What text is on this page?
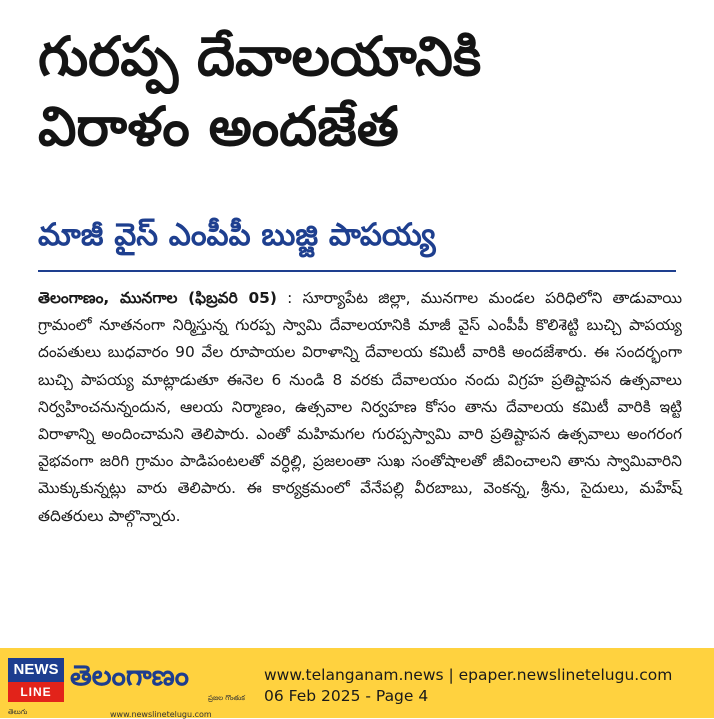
గురప్ప దేవాలయానికి
విరాళం అందజేత
మాజీ వైస్ ఎంపీపీ బుజ్జి పాపయ్య
తెలంగాణం, మునగాల (ఫిబ్రవరి 05) : సూర్యాపేట జిల్లా, మునగాల మండల పరిధిలోని తాడువాయి గ్రామంలో నూతనంగా నిర్మిస్తున్న గురప్ప స్వామి దేవాలయానికి మాజీ వైస్ ఎంపీపీ కొలిశెట్టి బుచ్చి పాపయ్య దంపతులు బుధవారం 90 వేల రూపాయల విరాళాన్ని దేవాలయ కమిటీ వారికి అందజేశారు. ఈ సందర్భంగా బుచ్చి పాపయ్య మాట్లాడుతూ ఈనెల 6 నుండి 8 వరకు దేవాలయం నందు విగ్రహ ప్రతిష్టాపన ఉత్సవాలు నిర్వహించనున్నందున, ఆలయ నిర్మాణం, ఉత్సవాల నిర్వహణ కోసం తాను దేవాలయ కమిటీ వారికి ఇట్టి విరాళాన్ని అందించామని తెలిపారు. ఎంతో మహిమగల గురప్పస్వామి వారి ప్రతిష్టాపన ఉత్సవాలు అంగరంగ వైభవంగా జరిగి గ్రామం పాడిపంటలతో వర్ధిల్లి, ప్రజలంతా సుఖ సంతోషాలతో జీవించాలని తాను స్వామివారిని మొక్కుకున్నట్లు వారు తెలిపారు. ఈ కార్యక్రమంలో వేనేపల్లి వీరబాబు, వెంకన్న, శ్రీను, సైదులు, మహేష్ తదితరులు పాల్గొన్నారు.
NEWS
LINE
తెలుగు
తెలంగాణం
ప్రజల గొంతుక
www.newslinetelugu.com
www.telanganam.news | epaper.newslinetelugu.com
06 Feb 2025 - Page 4
